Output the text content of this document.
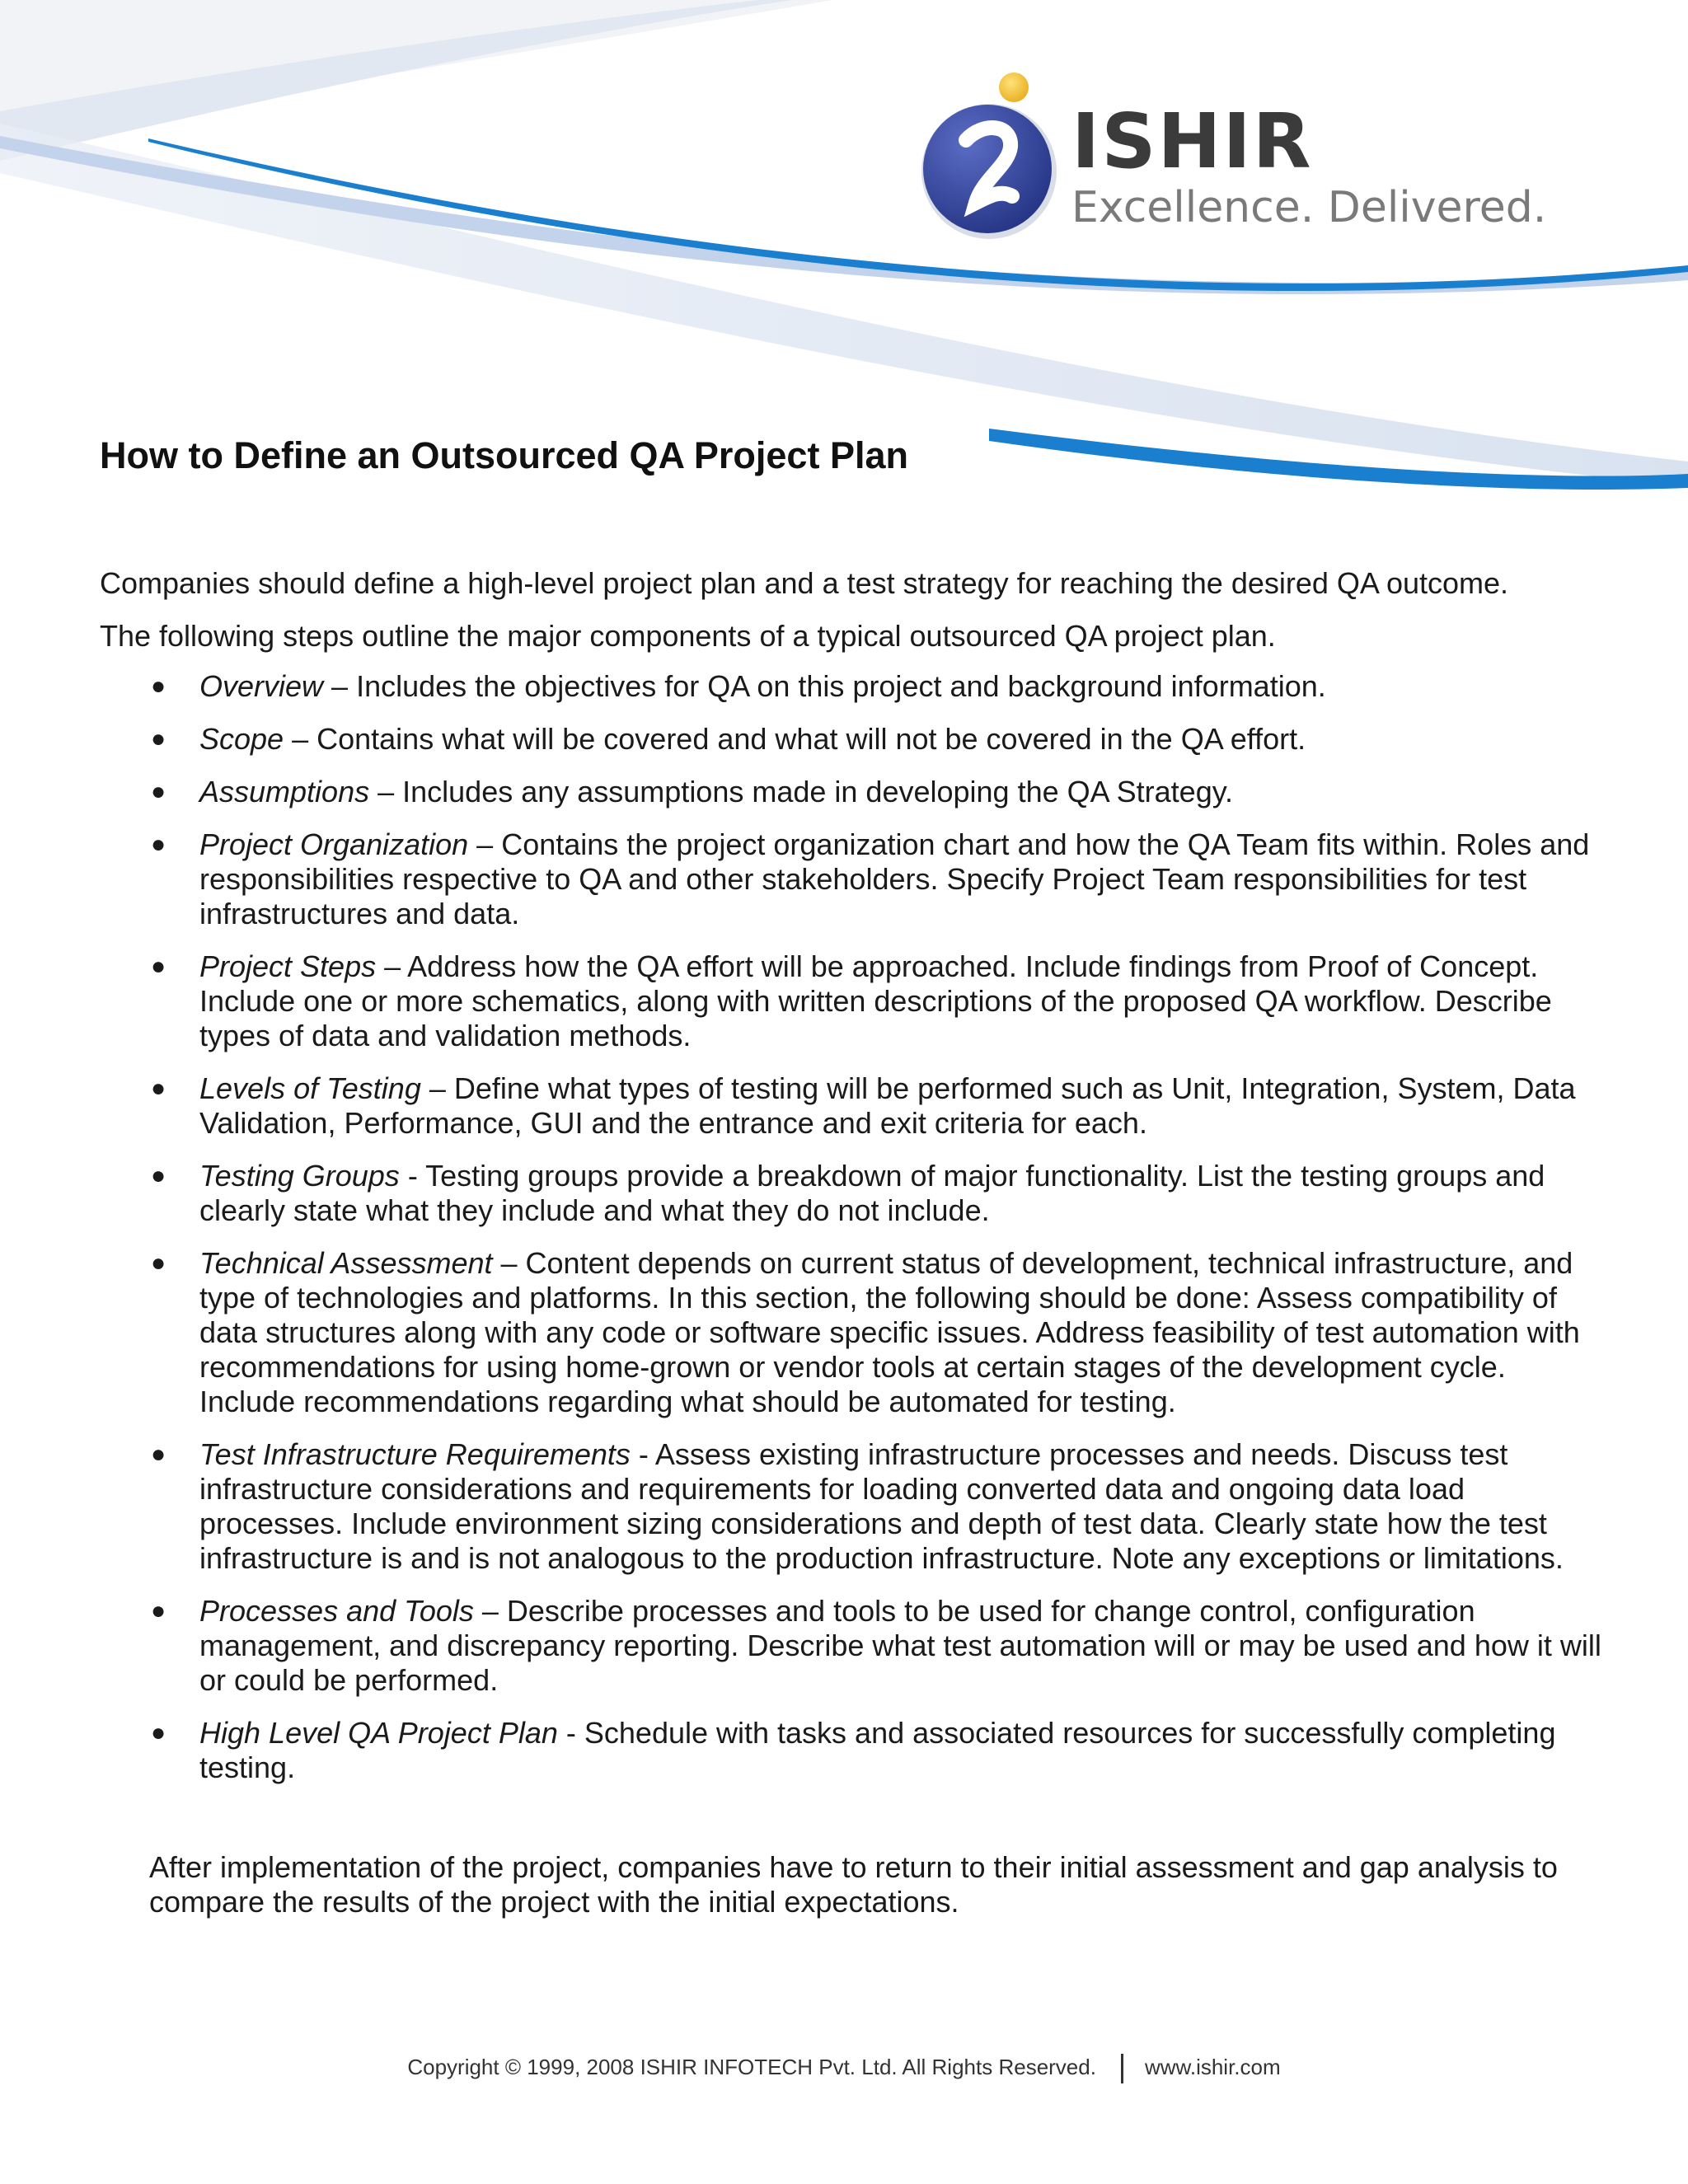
ISHIR
Excellence. Delivered.
How to Define an Outsourced QA Project Plan

Companies should define a high-level project plan and a test strategy for reaching the desired QA outcome.

The following steps outline the major components of a typical outsourced QA project plan.

● Overview – Includes the objectives for QA on this project and background information.
● Scope – Contains what will be covered and what will not be covered in the QA effort.
● Assumptions – Includes any assumptions made in developing the QA Strategy.
● Project Organization – Contains the project organization chart and how the QA Team fits within. Roles and responsibilities respective to QA and other stakeholders. Specify Project Team responsibilities for test infrastructures and data.
● Project Steps – Address how the QA effort will be approached. Include findings from Proof of Concept. Include one or more schematics, along with written descriptions of the proposed QA workflow. Describe types of data and validation methods.
● Levels of Testing – Define what types of testing will be performed such as Unit, Integration, System, Data Validation, Performance, GUI and the entrance and exit criteria for each.
● Testing Groups - Testing groups provide a breakdown of major functionality. List the testing groups and clearly state what they include and what they do not include.
● Technical Assessment – Content depends on current status of development, technical infrastructure, and type of technologies and platforms. In this section, the following should be done: Assess compatibility of data structures along with any code or software specific issues. Address feasibility of test automation with recommendations for using home-grown or vendor tools at certain stages of the development cycle. Include recommendations regarding what should be automated for testing.
● Test Infrastructure Requirements - Assess existing infrastructure processes and needs. Discuss test infrastructure considerations and requirements for loading converted data and ongoing data load processes. Include environment sizing considerations and depth of test data. Clearly state how the test infrastructure is and is not analogous to the production infrastructure. Note any exceptions or limitations.
● Processes and Tools – Describe processes and tools to be used for change control, configuration management, and discrepancy reporting. Describe what test automation will or may be used and how it will or could be performed.
● High Level QA Project Plan - Schedule with tasks and associated resources for successfully completing testing.

After implementation of the project, companies have to return to their initial assessment and gap analysis to compare the results of the project with the initial expectations.

Copyright © 1999, 2008 ISHIR INFOTECH Pvt. Ltd. All Rights Reserved. www.ishir.com
